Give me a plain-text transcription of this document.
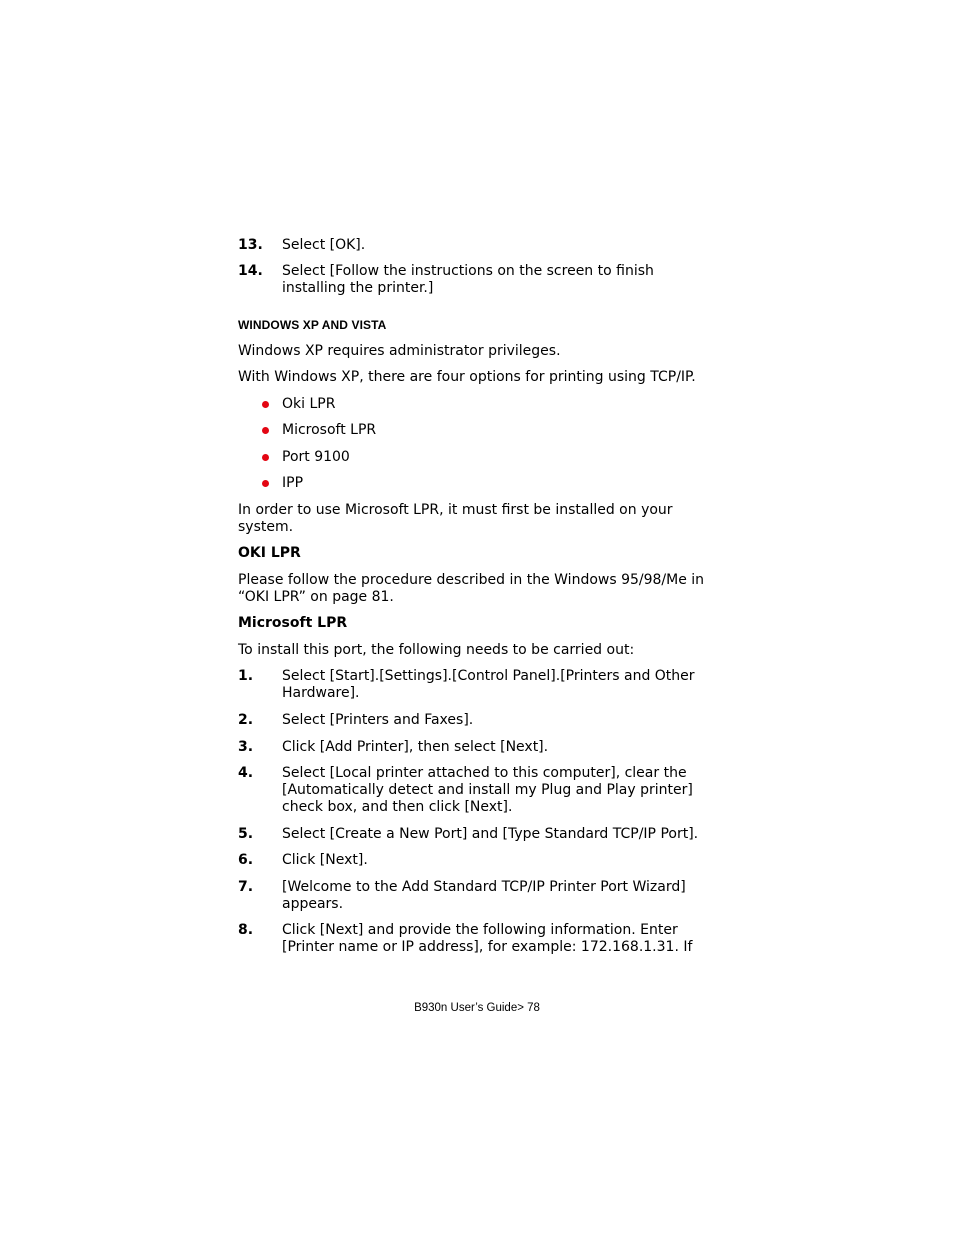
13. Select [OK].
14. Select [Follow the instructions on the screen to finish
installing the printer.]
WINDOWS XP AND VISTA
Windows XP requires administrator privileges.
With Windows XP, there are four options for printing using TCP/IP.
Oki LPR
Microsoft LPR
Port 9100
IPP
In order to use Microsoft LPR, it must first be installed on your
system.
OKI LPR
Please follow the procedure described in the Windows 95/98/Me in
“OKI LPR” on page 81.
Microsoft LPR
To install this port, the following needs to be carried out:
1. Select [Start].[Settings].[Control Panel].[Printers and Other
Hardware].
2. Select [Printers and Faxes].
3. Click [Add Printer], then select [Next].
4. Select [Local printer attached to this computer], clear the
[Automatically detect and install my Plug and Play printer]
check box, and then click [Next].
5. Select [Create a New Port] and [Type Standard TCP/IP Port].
6. Click [Next].
7. [Welcome to the Add Standard TCP/IP Printer Port Wizard]
appears.
8. Click [Next] and provide the following information. Enter
[Printer name or IP address], for example: 172.168.1.31. If
B930n User’s Guide> 78
